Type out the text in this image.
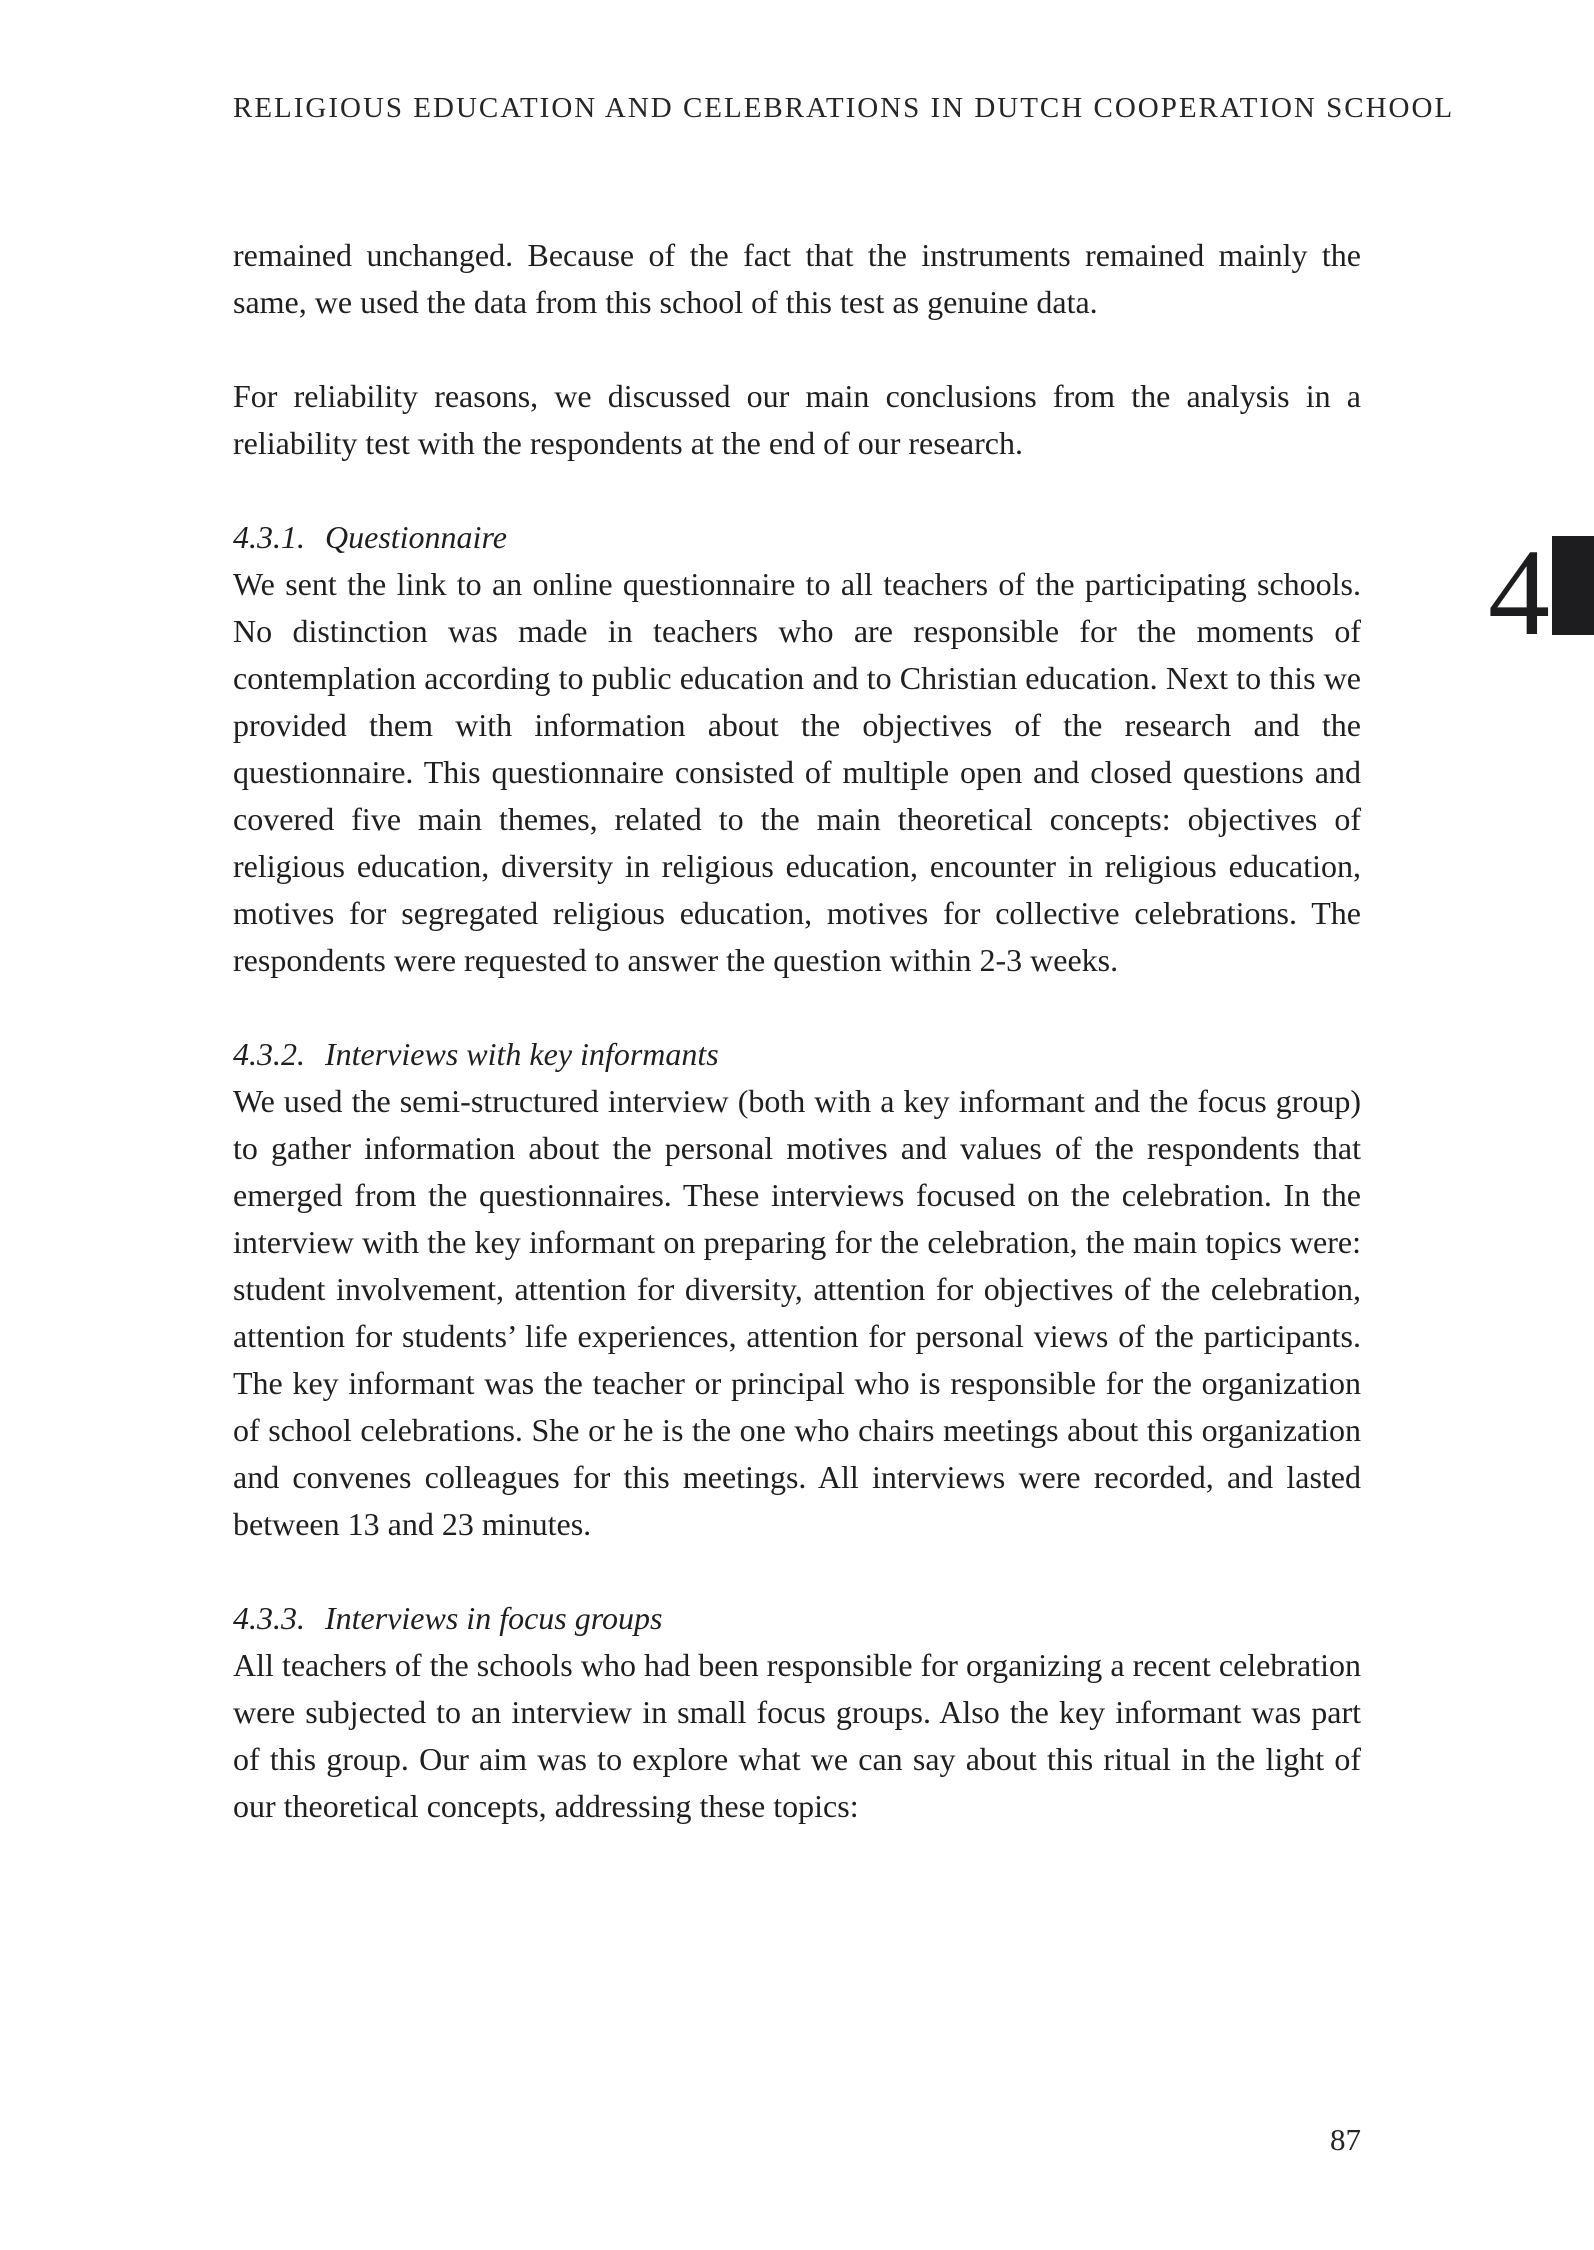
RELIGIOUS EDUCATION AND CELEBRATIONS IN DUTCH COOPERATION SCHOOL
4

remained unchanged. Because of the fact that the instruments remained mainly the same, we used the data from this school of this test as genuine data.

For reliability reasons, we discussed our main conclusions from the analysis in a reliability test with the respondents at the end of our research.

4.3.1. Questionnaire

We sent the link to an online questionnaire to all teachers of the participating schools. No distinction was made in teachers who are responsible for the moments of contemplation according to public education and to Christian education. Next to this we provided them with information about the objectives of the research and the questionnaire. This questionnaire consisted of multiple open and closed questions and covered five main themes, related to the main theoretical concepts: objectives of religious education, diversity in religious education, encounter in religious education, motives for segregated religious education, motives for collective celebrations. The respondents were requested to answer the question within 2-3 weeks.

4.3.2. Interviews with key informants

We used the semi-structured interview (both with a key informant and the focus group) to gather information about the personal motives and values of the respondents that emerged from the questionnaires. These interviews focused on the celebration. In the interview with the key informant on preparing for the celebration, the main topics were: student involvement, attention for diversity, attention for objectives of the celebration, attention for students’ life experiences, attention for personal views of the participants. The key informant was the teacher or principal who is responsible for the organization of school celebrations. She or he is the one who chairs meetings about this organization and convenes colleagues for this meetings. All interviews were recorded, and lasted between 13 and 23 minutes.

4.3.3. Interviews in focus groups

All teachers of the schools who had been responsible for organizing a recent celebration were subjected to an interview in small focus groups. Also the key informant was part of this group. Our aim was to explore what we can say about this ritual in the light of our theoretical concepts, addressing these topics:

87
